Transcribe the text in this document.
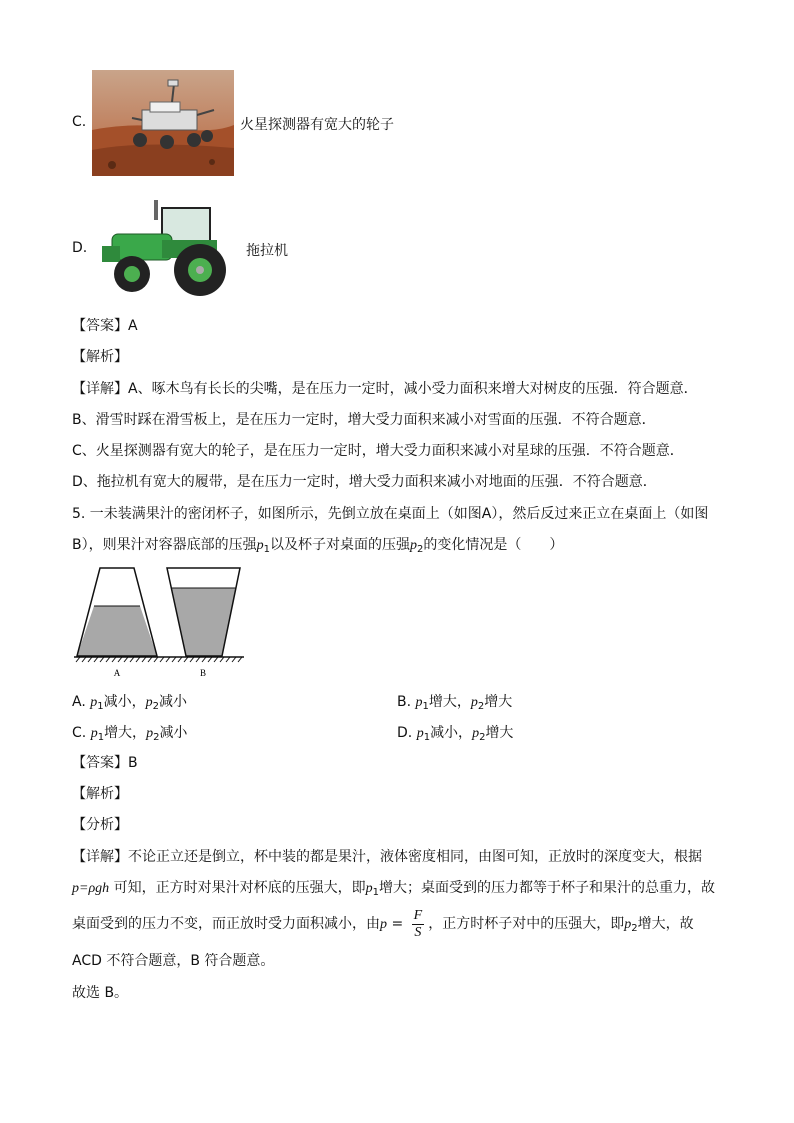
C.	火星探测器有宽大的轮子
D.	拖拉机
【答案】A
【解析】
【详解】A、啄木鸟有长长的尖嘴，是在压力一定时，减小受力面积来增大对树皮的压强．符合题意．
B、滑雪时踩在滑雪板上，是在压力一定时，增大受力面积来减小对雪面的压强．不符合题意．
C、火星探测器有宽大的轮子，是在压力一定时，增大受力面积来减小对星球的压强．不符合题意．
D、拖拉机有宽大的履带，是在压力一定时，增大受力面积来减小对地面的压强．不符合题意．
5. 一未装满果汁的密闭杯子，如图所示，先倒立放在桌面上（如图A），然后反过来正立在桌面上（如图
B），则果汁对容器底部的压强$p_1$以及杯子对桌面的压强$p_2$的变化情况是（　　）
A	B
A. $p_1$减小，$p_2$减小	B. $p_1$增大，$p_2$增大
C. $p_1$增大，$p_2$减小	D. $p_1$减小，$p_2$增大
【答案】B
【解析】
【分析】
【详解】不论正立还是倒立，杯中装的都是果汁，液体密度相同，由图可知，正放时的深度变大，根据
p=ρgh 可知，正方时对果汁对杯底的压强大，即$p_1$增大；桌面受到的压力都等于杯子和果汁的总重力，故
桌面受到的压力不变，而正放时受力面积减小，由$p = \frac{F}{S}$ ，正方时杯子对中的压强大，即$p_2$增大，故
ACD 不符合题意，B 符合题意。
故选 B。
